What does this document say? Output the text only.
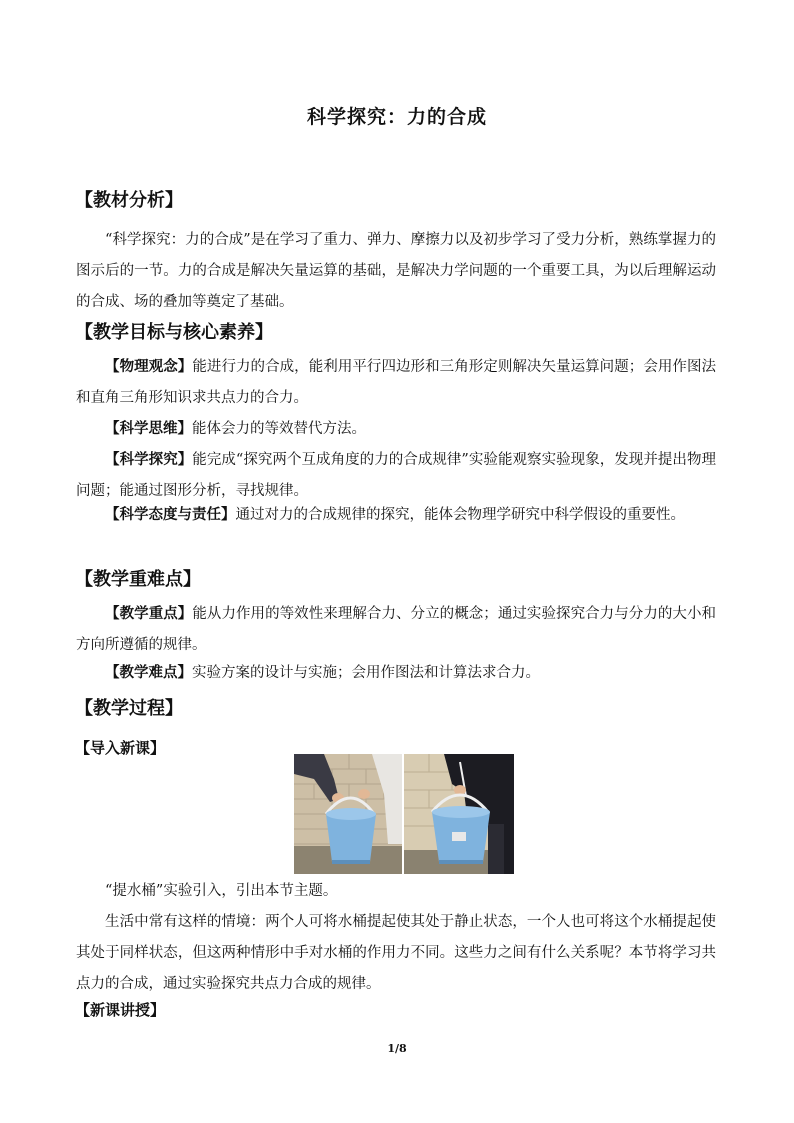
科学探究：力的合成
【教材分析】
“科学探究：力的合成”是在学习了重力、弹力、摩擦力以及初步学习了受力分析，熟练掌握力的图示后的一节。力的合成是解决矢量运算的基础，是解决力学问题的一个重要工具，为以后理解运动的合成、场的叠加等奠定了基础。
【教学目标与核心素养】
【物理观念】能进行力的合成，能利用平行四边形和三角形定则解决矢量运算问题；会用作图法和直角三角形知识求共点力的合力。
【科学思维】能体会力的等效替代方法。
【科学探究】能完成“探究两个互成角度的力的合成规律”实验能观察实验现象，发现并提出物理问题；能通过图形分析，寻找规律。
【科学态度与责任】通过对力的合成规律的探究，能体会物理学研究中科学假设的重要性。
【教学重难点】
【教学重点】能从力作用的等效性来理解合力、分立的概念；通过实验探究合力与分力的大小和方向所遵循的规律。
【教学难点】实验方案的设计与实施；会用作图法和计算法求合力。
【教学过程】
【导入新课】
“提水桶”实验引入，引出本节主题。
生活中常有这样的情境：两个人可将水桶提起使其处于静止状态，一个人也可将这个水桶提起使其处于同样状态，但这两种情形中手对水桶的作用力不同。这些力之间有什么关系呢？本节将学习共点力的合成，通过实验探究共点力合成的规律。
【新课讲授】
1/8
